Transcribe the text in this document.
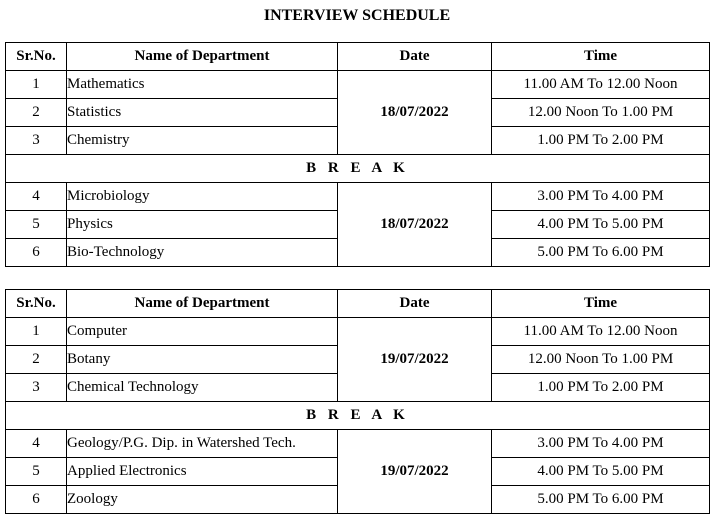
INTERVIEW SCHEDULE
Sr.No.	Name of Department	Date	Time
1	Mathematics	18/07/2022	11.00 AM To 12.00 Noon
2	Statistics		12.00 Noon To 1.00 PM
3	Chemistry		1.00 PM To 2.00 PM
B R E A K			
4	Microbiology	18/07/2022	3.00 PM To 4.00 PM
5	Physics		4.00 PM To 5.00 PM
6	Bio-Technology		5.00 PM To 6.00 PM
Sr.No.	Name of Department	Date	Time
1	Computer	19/07/2022	11.00 AM To 12.00 Noon
2	Botany		12.00 Noon To 1.00 PM
3	Chemical Technology		1.00 PM To 2.00 PM
B R E A K			
4	Geology/P.G. Dip. in Watershed Tech.	19/07/2022	3.00 PM To 4.00 PM
5	Applied Electronics		4.00 PM To 5.00 PM
6	Zoology		5.00 PM To 6.00 PM
